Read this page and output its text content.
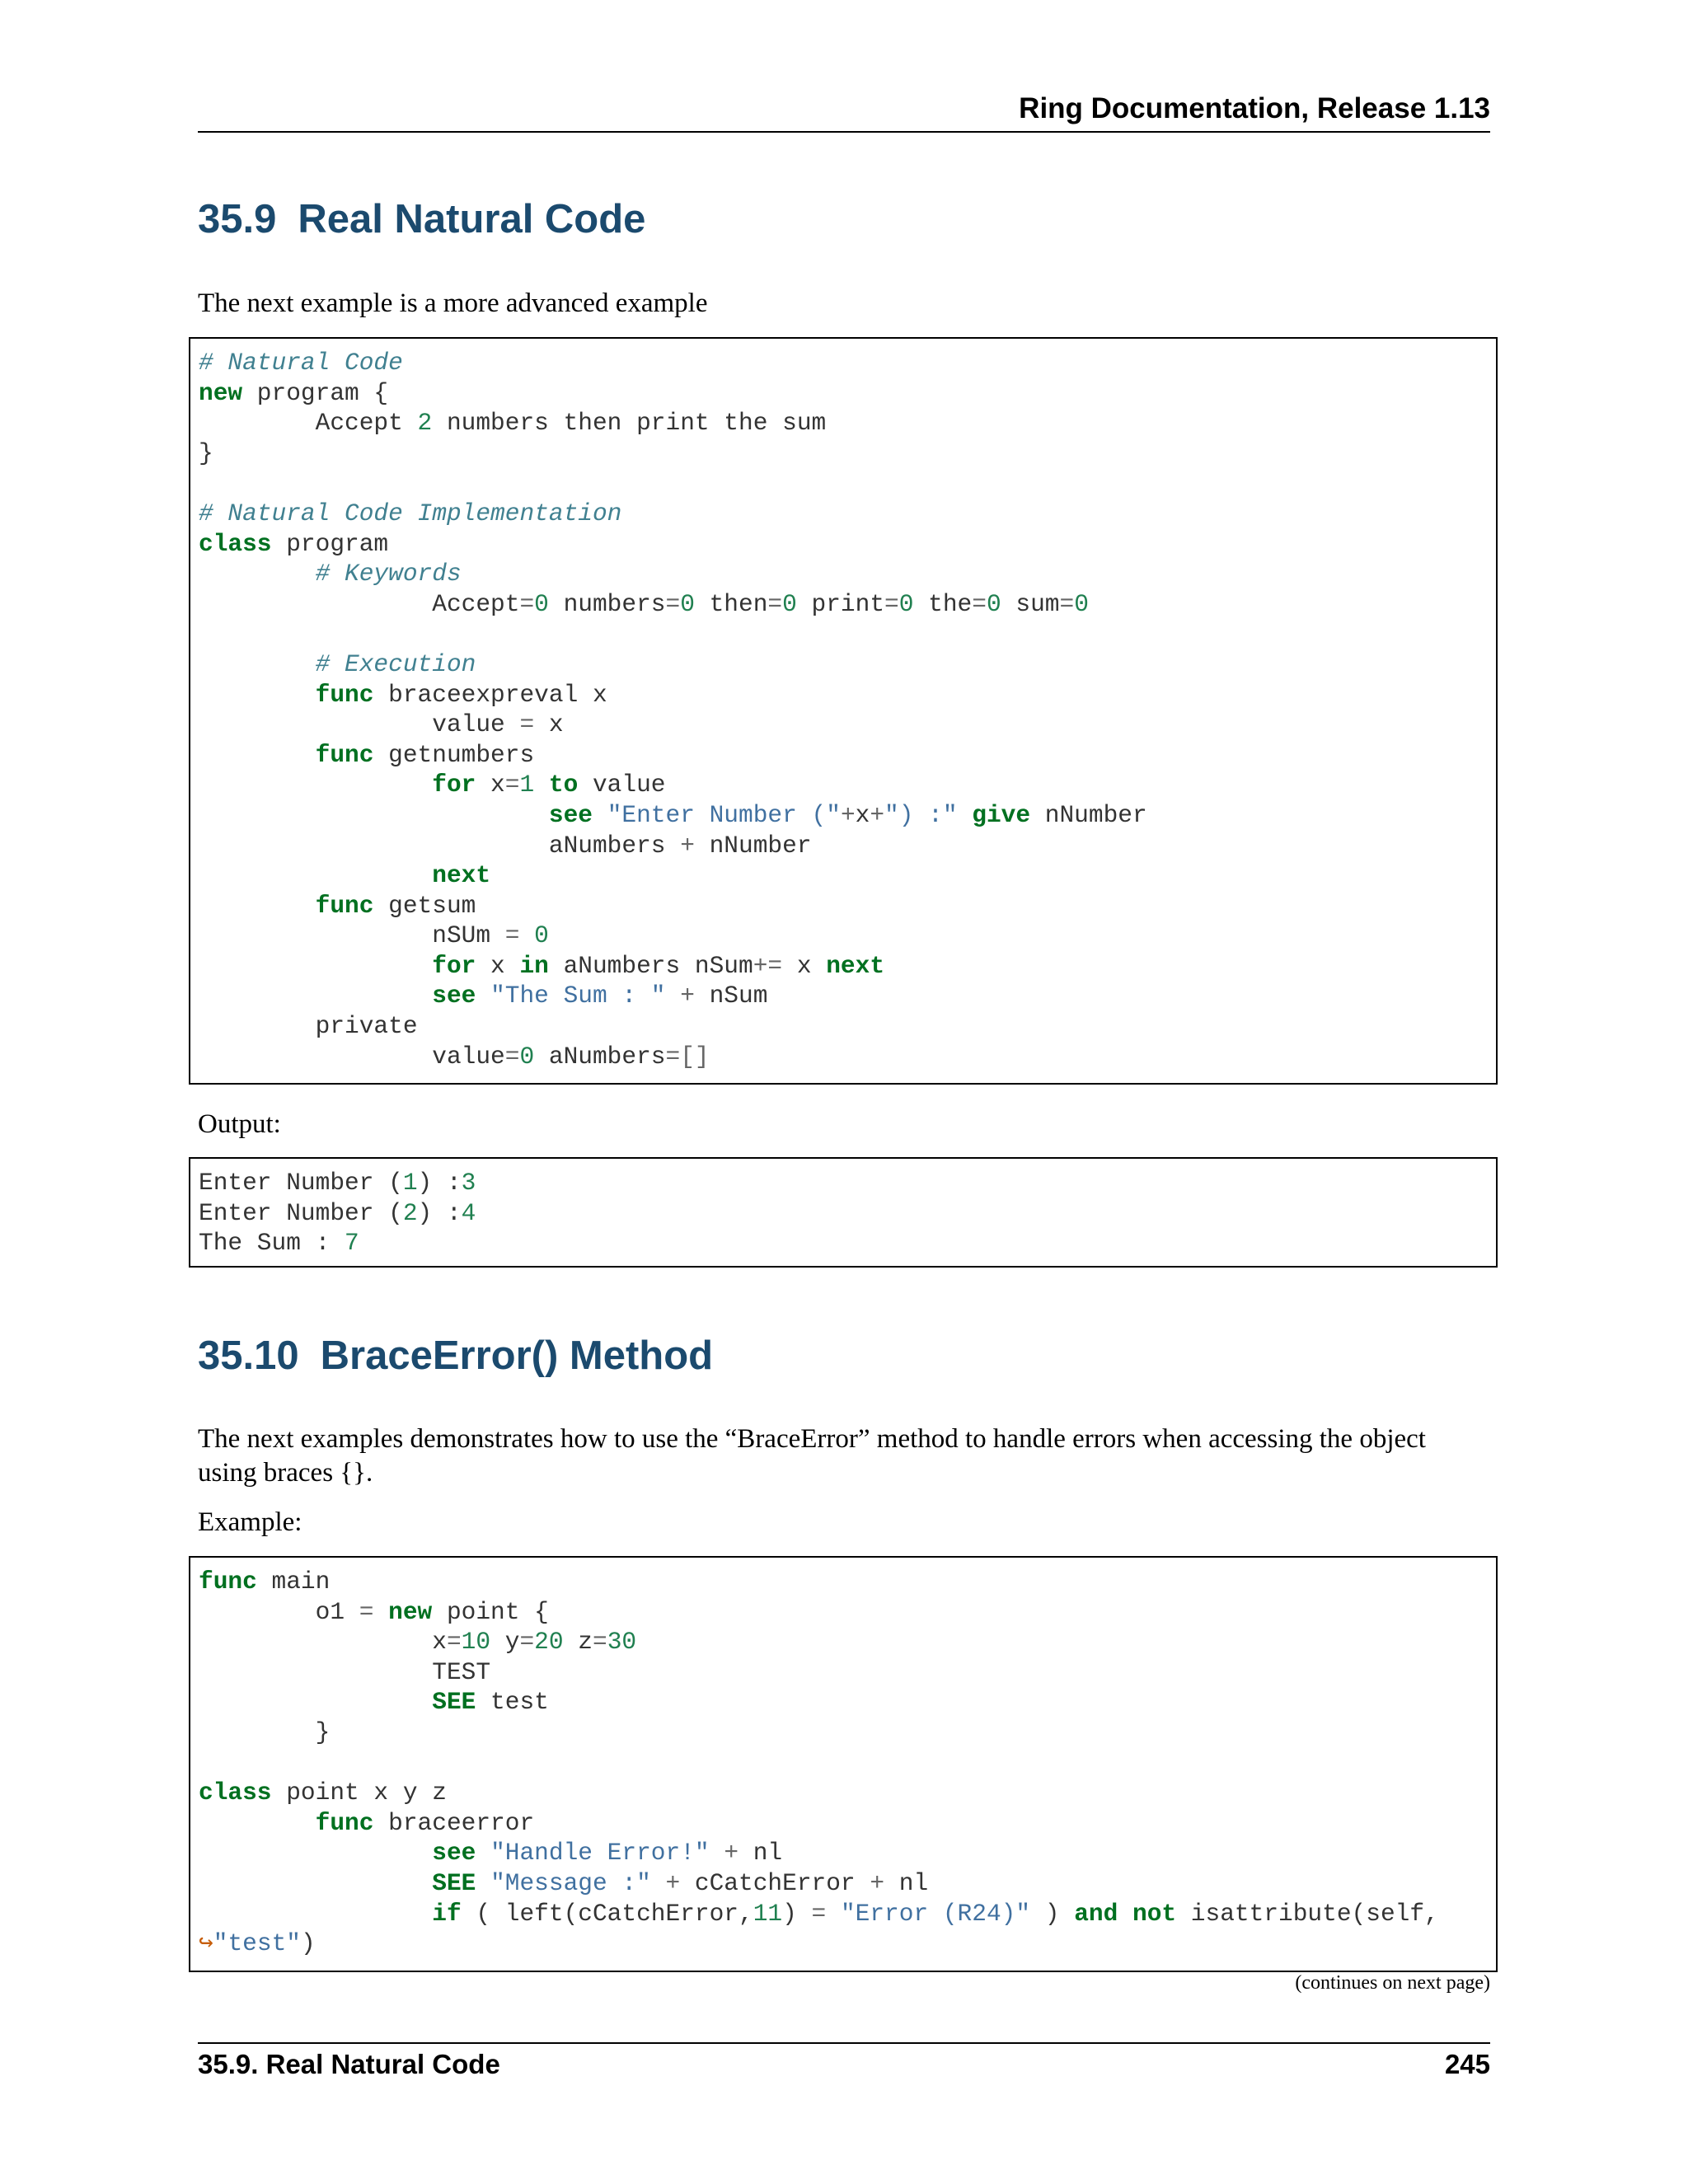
Ring Documentation, Release 1.13
35.9 Real Natural Code
The next example is a more advanced example
# Natural Code
new program {
Accept 2 numbers then print the sum
}
# Natural Code Implementation
class program
# Keywords
Accept=0 numbers=0 then=0 print=0 the=0 sum=0
# Execution
func braceexpreval x
value = x
func getnumbers
for x=1 to value
see "Enter Number ("+x+") :" give nNumber
aNumbers + nNumber
next
func getsum
nSUm = 0
for x in aNumbers nSum+= x next
see "The Sum : " + nSum
private
value=0 aNumbers=[]
Output:
Enter Number (1) :3
Enter Number (2) :4
The Sum : 7
35.10 BraceError() Method
The next examples demonstrates how to use the “BraceError” method to handle errors when accessing the object using braces {}.
Example:
func main
o1 = new point {
x=10 y=20 z=30
TEST
SEE test
}
class point x y z
func braceerror
see "Handle Error!" + nl
SEE "Message :" + cCatchError + nl
if ( left(cCatchError,11) = "Error (R24)" ) and not isattribute(self,
↪"test")
(continues on next page)
35.9. Real Natural Code	245
